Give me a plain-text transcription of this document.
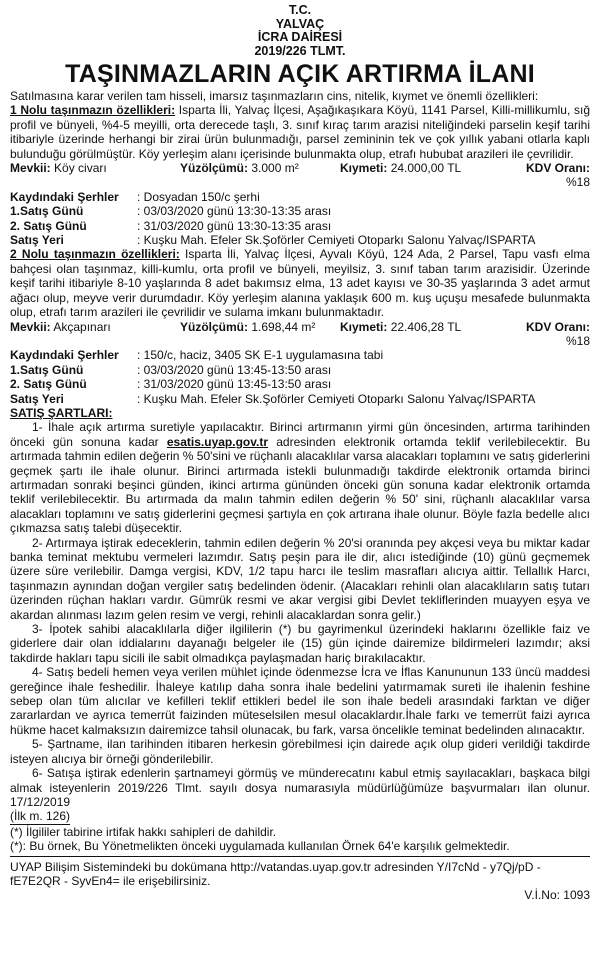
T.C.
YALVAÇ
İCRA DAİRESİ
2019/226 TLMT.
TAŞINMAZLARIN AÇIK ARTIRMA İLANI
Satılmasına karar verilen tam hisseli, imarsız taşınmazların cins, nitelik, kıymet ve önemli özellikleri:
1 Nolu taşınmazın özellikleri: Isparta İli, Yalvaç İlçesi, Aşağıkaşıkara Köyü, 1141 Parsel, Killi-millikumlu, sığ profil ve bünyeli, %4-5 meyilli, orta derecede taşlı, 3. sınıf kıraç tarım arazisi niteliğindeki parselin keşif tarihi itibariyle üzerinde herhangi bir zirai ürün bulunmadığı, parsel zemininin tek ve çok yıllık yabani otlarla kaplı bulunduğu görülmüştür. Köy yerleşim alanı içerisinde bulunmakta olup, etrafı hububat arazileri ile çevrilidir.
Mevkii: Köy civarı	Yüzölçümü: 3.000 m²	Kıymeti: 24.000,00 TL	KDV Oranı: %18
Kaydındaki Şerhler	: Dosyadan 150/c şerhi
1.Satış Günü	: 03/03/2020 günü 13:30-13:35 arası
2. Satış Günü	: 31/03/2020 günü 13:30-13:35 arası
Satış Yeri	: Kuşku Mah. Efeler Sk.Şoförler Cemiyeti Otoparkı Salonu Yalvaç/ISPARTA
2 Nolu taşınmazın özellikleri: Isparta İli, Yalvaç İlçesi, Ayvalı Köyü, 124 Ada, 2 Parsel, Tapu vasfı elma bahçesi olan taşınmaz, killi-kumlu, orta profil ve bünyeli, meyilsiz, 3. sınıf taban tarım arazisidir. Üzerinde keşif tarihi itibariyle 8-10 yaşlarında 8 adet bakımsız elma, 13 adet kayısı ve 30-35 yaşlarında 3 adet armut ağacı olup, meyve verir durumdadır. Köy yerleşim alanına yaklaşık 600 m. kuş uçuşu mesafede bulunmakta olup, etrafı tarım arazileri ile çevrilidir ve sulama imkanı bulunmaktadır.
Mevkii: Akçapınarı	Yüzölçümü: 1.698,44 m²	Kıymeti: 22.406,28 TL	KDV Oranı: %18
Kaydındaki Şerhler	: 150/c, haciz, 3405 SK E-1 uygulamasına tabi
1.Satış Günü	: 03/03/2020 günü 13:45-13:50 arası
2. Satış Günü	: 31/03/2020 günü 13:45-13:50 arası
Satış Yeri	: Kuşku Mah. Efeler Sk.Şoförler Cemiyeti Otoparkı Salonu Yalvaç/ISPARTA
SATIŞ ŞARTLARI:
1- İhale açık artırma suretiyle yapılacaktır. Birinci artırmanın yirmi gün öncesinden, artırma tarihinden önceki gün sonuna kadar esatis.uyap.gov.tr adresinden elektronik ortamda teklif verilebilecektir. Bu artırmada tahmin edilen değerin % 50'sini ve rüçhanlı alacaklılar varsa alacakları toplamını ve satış giderlerini geçmek şartı ile ihale olunur. Birinci artırmada istekli bulunmadığı takdirde elektronik ortamda birinci artırmadan sonraki beşinci günden, ikinci artırma gününden önceki gün sonuna kadar elektronik ortamda teklif verilebilecektir. Bu artırmada da malın tahmin edilen değerin % 50' sini, rüçhanlı alacaklılar varsa alacakları toplamını ve satış giderlerini geçmesi şartıyla en çok artırana ihale olunur. Böyle fazla bedelle alıcı çıkmazsa satış talebi düşecektir.
2- Artırmaya iştirak edeceklerin, tahmin edilen değerin % 20'si oranında pey akçesi veya bu miktar kadar banka teminat mektubu vermeleri lazımdır. Satış peşin para ile dir, alıcı istediğinde (10) günü geçmemek üzere süre verilebilir. Damga vergisi, KDV, 1/2 tapu harcı ile teslim masrafları alıcıya aittir. Tellallık Harcı, taşınmazın aynından doğan vergiler satış bedelinden ödenir. (Alacakları rehinli olan alacaklıların satış tutarı üzerinden rüçhan hakları vardır. Gümrük resmi ve akar vergisi gibi Devlet tekliflerinden muayyen eşya ve akardan alınması lazım gelen resim ve vergi, rehinli alacaklardan sonra gelir.)
3- İpotek sahibi alacaklılarla diğer ilgililerin (*) bu gayrimenkul üzerindeki haklarını özellikle faiz ve giderlere dair olan iddialarını dayanağı belgeler ile (15) gün içinde dairemize bildirmeleri lazımdır; aksi takdirde hakları tapu sicili ile sabit olmadıkça paylaşmadan hariç bırakılacaktır.
4- Satış bedeli hemen veya verilen mühlet içinde ödenmezse İcra ve İflas Kanununun 133 üncü maddesi gereğince ihale feshedilir. İhaleye katılıp daha sonra ihale bedelini yatırmamak sureti ile ihalenin feshine sebep olan tüm alıcılar ve kefilleri teklif ettikleri bedel ile son ihale bedeli arasındaki farktan ve diğer zararlardan ve ayrıca temerrüt faizinden müteselsilen mesul olacaklardır.İhale farkı ve temerrüt faizi ayrıca hükme hacet kalmaksızın dairemizce tahsil olunacak, bu fark, varsa öncelikle teminat bedelinden alınacaktır.
5- Şartname, ilan tarihinden itibaren herkesin görebilmesi için dairede açık olup gideri verildiği takdirde isteyen alıcıya bir örneği gönderilebilir.
6- Satışa iştirak edenlerin şartnameyi görmüş ve münderecatını kabul etmiş sayılacakları, başkaca bilgi almak isteyenlerin 2019/226 Tlmt. sayılı dosya numarasıyla müdürlüğümüze başvurmaları ilan olunur. 17/12/2019
(İlk m. 126)
(*) İlgililer tabirine irtifak hakkı sahipleri de dahildir.
(*): Bu örnek, Bu Yönetmelikten önceki uygulamada kullanılan Örnek 64'e karşılık gelmektedir.
UYAP Bilişim Sistemindeki bu dokümana http://vatandas.uyap.gov.tr adresinden Y/I7cNd - y7Qj/pD - fE7E2QR - SyvEn4= ile erişebilirsiniz.
V.İ.No: 1093
